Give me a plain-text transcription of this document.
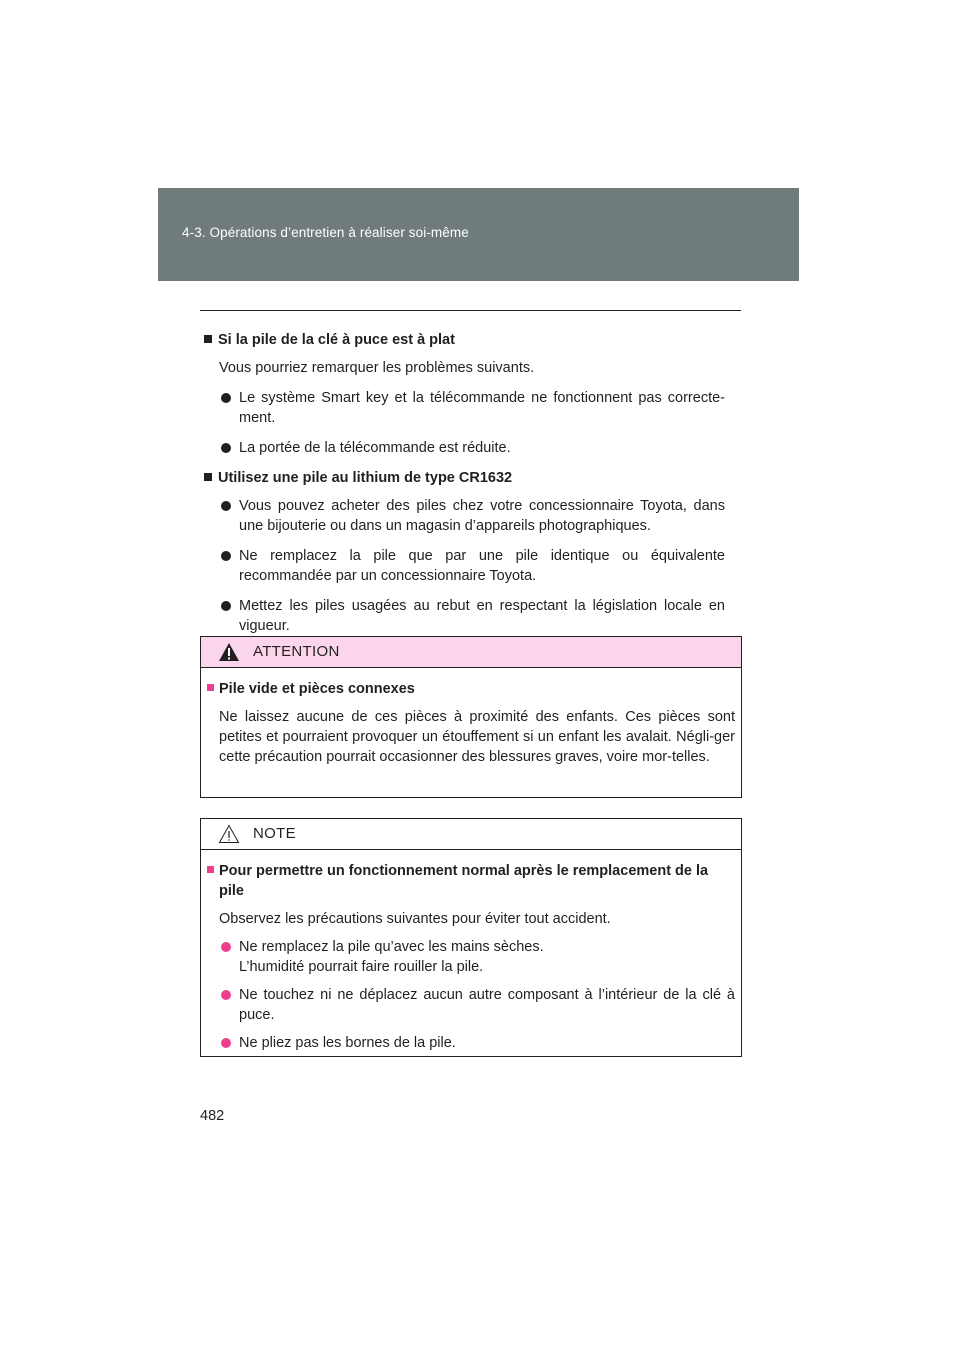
4-3. Opérations d’entretien à réaliser soi-même
Si la pile de la clé à puce est à plat
Vous pourriez remarquer les problèmes suivants.
Le système Smart key et la télécommande ne fonctionnent pas correcte-ment.
La portée de la télécommande est réduite.
Utilisez une pile au lithium de type CR1632
Vous pouvez acheter des piles chez votre concessionnaire Toyota, dans une bijouterie ou dans un magasin d’appareils photographiques.
Ne remplacez la pile que par une pile identique ou équivalente recommandée par un concessionnaire Toyota.
Mettez les piles usagées au rebut en respectant la législation locale en vigueur.
ATTENTION
Pile vide et pièces connexes
Ne laissez aucune de ces pièces à proximité des enfants. Ces pièces sont petites et pourraient provoquer un étouffement si un enfant les avalait. Négli-ger cette précaution pourrait occasionner des blessures graves, voire mor-telles.
NOTE
Pour permettre un fonctionnement normal après le remplacement de la pile
Observez les précautions suivantes pour éviter tout accident.
Ne remplacez la pile qu’avec les mains sèches.
L’humidité pourrait faire rouiller la pile.
Ne touchez ni ne déplacez aucun autre composant à l’intérieur de la clé à puce.
Ne pliez pas les bornes de la pile.
482
